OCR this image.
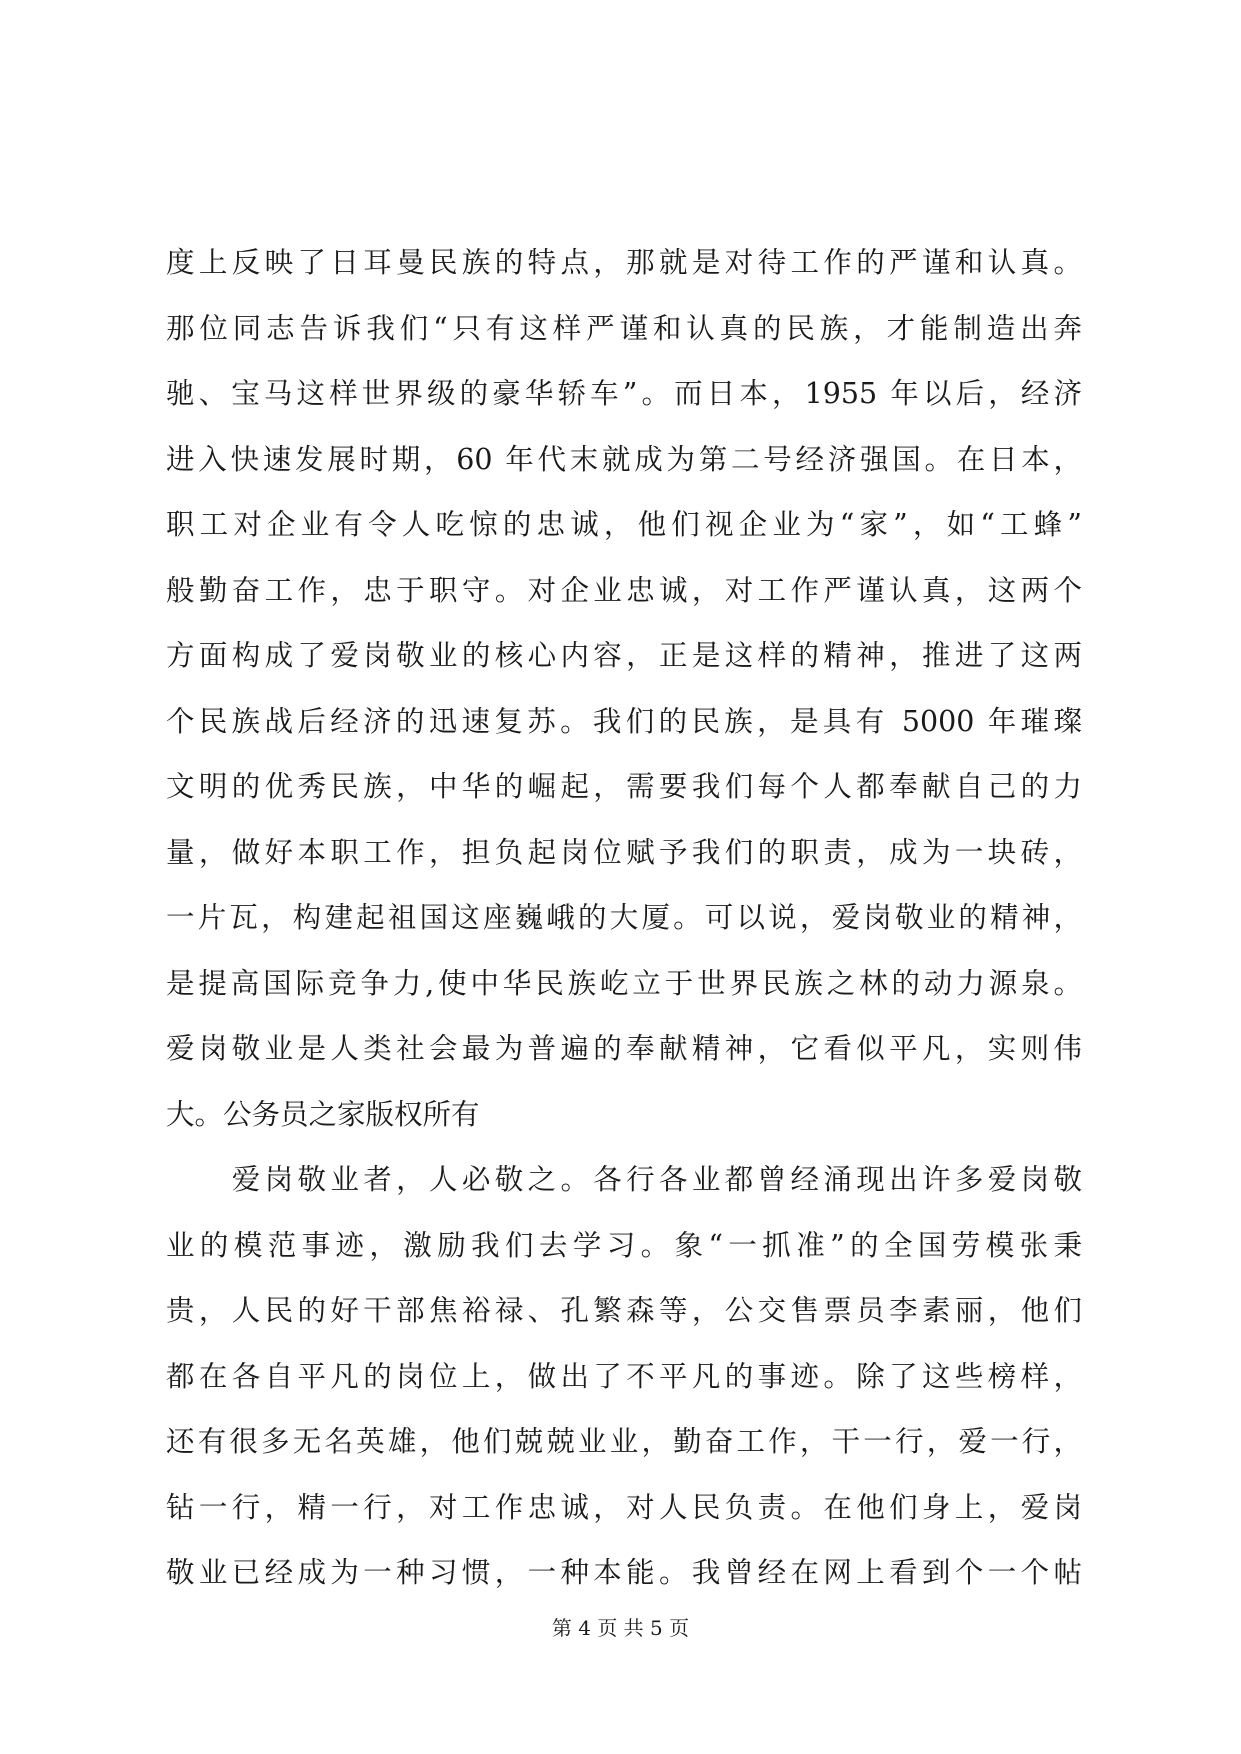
度上反映了日耳曼民族的特点，那就是对待工作的严谨和认真。
那位同志告诉我们“只有这样严谨和认真的民族，才能制造出奔
驰、宝马这样世界级的豪华轿车”。而日本，1955 年以后，经济
进入快速发展时期，60 年代末就成为第二号经济强国。在日本，
职工对企业有令人吃惊的忠诚，他们视企业为“家”，如“工蜂”
般勤奋工作，忠于职守。对企业忠诚，对工作严谨认真，这两个
方面构成了爱岗敬业的核心内容，正是这样的精神，推进了这两
个民族战后经济的迅速复苏。我们的民族，是具有 5000 年璀璨
文明的优秀民族，中华的崛起，需要我们每个人都奉献自己的力
量，做好本职工作，担负起岗位赋予我们的职责，成为一块砖，
一片瓦，构建起祖国这座巍峨的大厦。可以说，爱岗敬业的精神，
是提高国际竞争力,使中华民族屹立于世界民族之林的动力源泉。
爱岗敬业是人类社会最为普遍的奉献精神，它看似平凡，实则伟
大。公务员之家版权所有
　　爱岗敬业者，人必敬之。各行各业都曾经涌现出许多爱岗敬
业的模范事迹，激励我们去学习。象“一抓准”的全国劳模张秉
贵，人民的好干部焦裕禄、孔繁森等，公交售票员李素丽，他们
都在各自平凡的岗位上，做出了不平凡的事迹。除了这些榜样，
还有很多无名英雄，他们兢兢业业，勤奋工作，干一行，爱一行，
钻一行，精一行，对工作忠诚，对人民负责。在他们身上，爱岗
敬业已经成为一种习惯，一种本能。我曾经在网上看到个一个帖
第 4 页 共 5 页
